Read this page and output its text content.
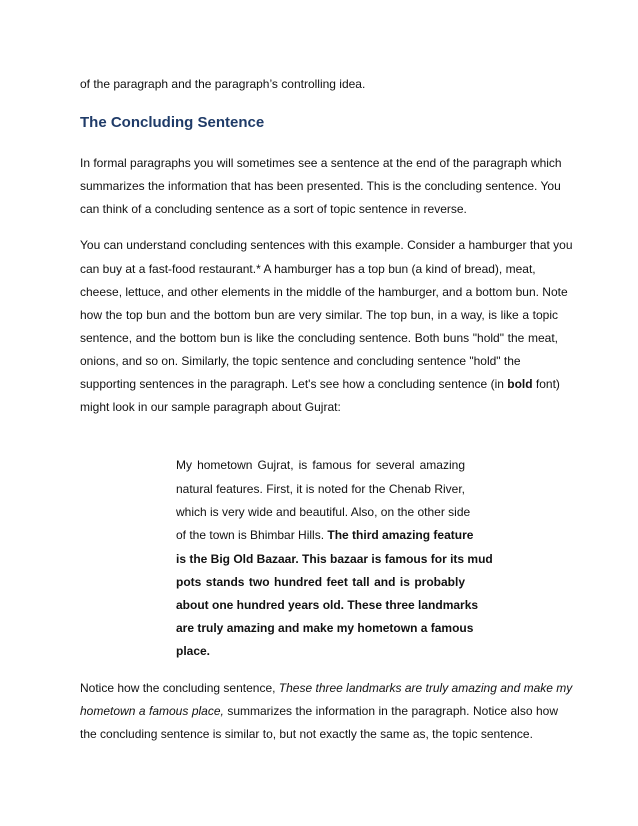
of the paragraph and the paragraph’s controlling idea.
The Concluding Sentence
In formal paragraphs you will sometimes see a sentence at the end of the paragraph which
summarizes the information that has been presented. This is the concluding sentence. You
can think of a concluding sentence as a sort of topic sentence in reverse.
You can understand concluding sentences with this example. Consider a hamburger that you
can buy at a fast-food restaurant.* A hamburger has a top bun (a kind of bread), meat,
cheese, lettuce, and other elements in the middle of the hamburger, and a bottom bun. Note
how the top bun and the bottom bun are very similar. The top bun, in a way, is like a topic
sentence, and the bottom bun is like the concluding sentence. Both buns "hold" the meat,
onions, and so on. Similarly, the topic sentence and concluding sentence "hold" the
supporting sentences in the paragraph. Let's see how a concluding sentence (in bold font)
might look in our sample paragraph about Gujrat:
My hometown Gujrat, is famous for several amazing
natural features. First, it is noted for the Chenab River,
which is very wide and beautiful. Also, on the other side
of the town is Bhimbar Hills. The third amazing feature
is the Big Old Bazaar. This bazaar is famous for its mud
pots stands two hundred feet tall and is probably
about one hundred years old. These three landmarks
are truly amazing and make my hometown a famous
place.
Notice how the concluding sentence, These three landmarks are truly amazing and make my
hometown a famous place, summarizes the information in the paragraph. Notice also how
the concluding sentence is similar to, but not exactly the same as, the topic sentence.
